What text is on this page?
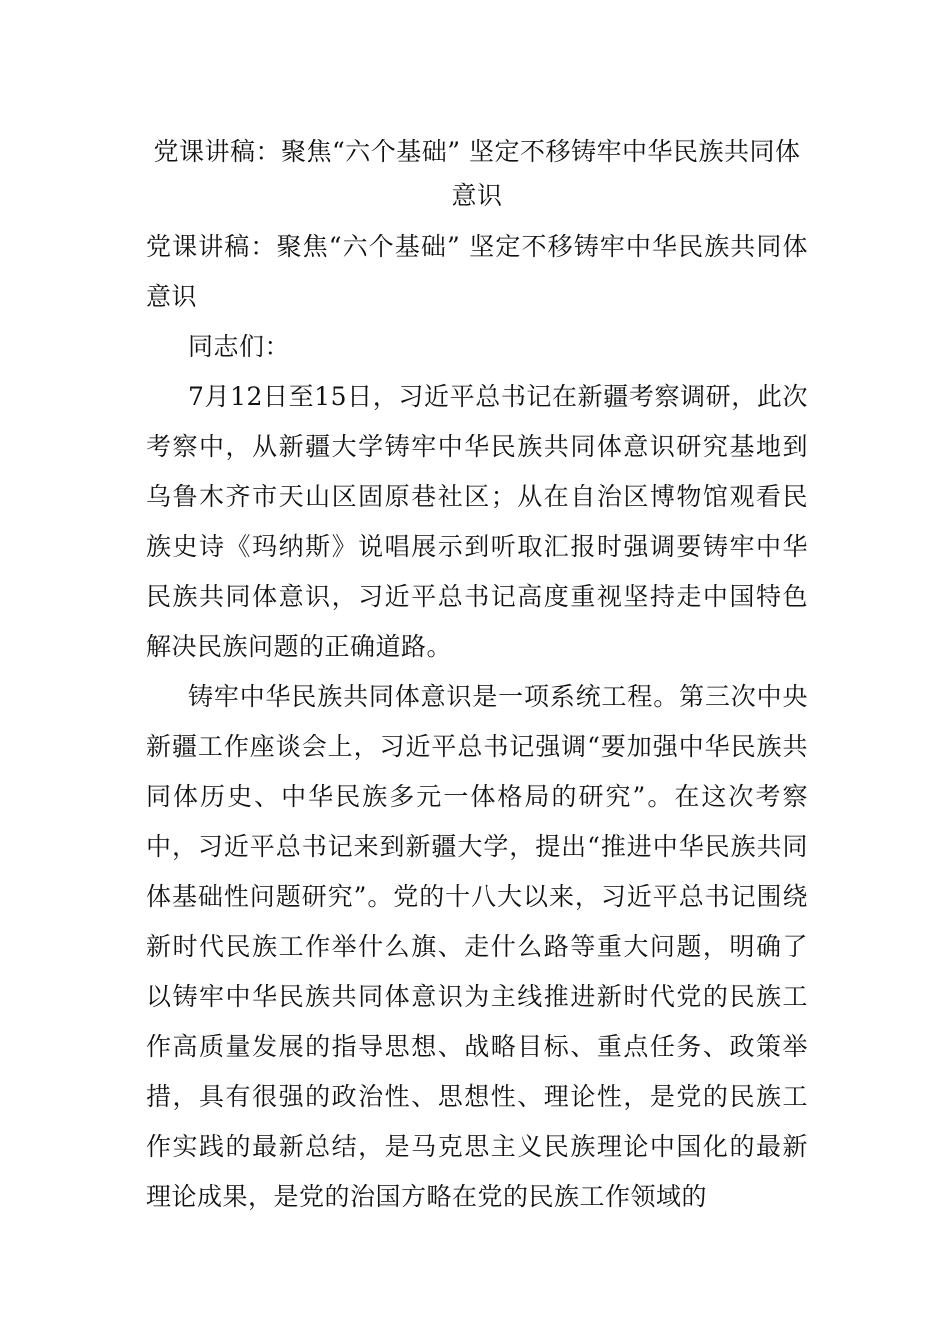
党课讲稿：聚焦“六个基础” 坚定不移铸牢中华民族共同体意识

党课讲稿：聚焦“六个基础” 坚定不移铸牢中华民族共同体意识

同志们：

7月12日至15日，习近平总书记在新疆考察调研，此次考察中，从新疆大学铸牢中华民族共同体意识研究基地到乌鲁木齐市天山区固原巷社区；从在自治区博物馆观看民族史诗《玛纳斯》说唱展示到听取汇报时强调要铸牢中华民族共同体意识，习近平总书记高度重视坚持走中国特色解决民族问题的正确道路。

铸牢中华民族共同体意识是一项系统工程。第三次中央新疆工作座谈会上，习近平总书记强调“要加强中华民族共同体历史、中华民族多元一体格局的研究”。在这次考察中，习近平总书记来到新疆大学，提出“推进中华民族共同体基础性问题研究”。党的十八大以来，习近平总书记围绕新时代民族工作举什么旗、走什么路等重大问题，明确了以铸牢中华民族共同体意识为主线推进新时代党的民族工作高质量发展的指导思想、战略目标、重点任务、政策举措，具有很强的政治性、思想性、理论性，是党的民族工作实践的最新总结，是马克思主义民族理论中国化的最新理论成果，是党的治国方略在党的民族工作领域的
